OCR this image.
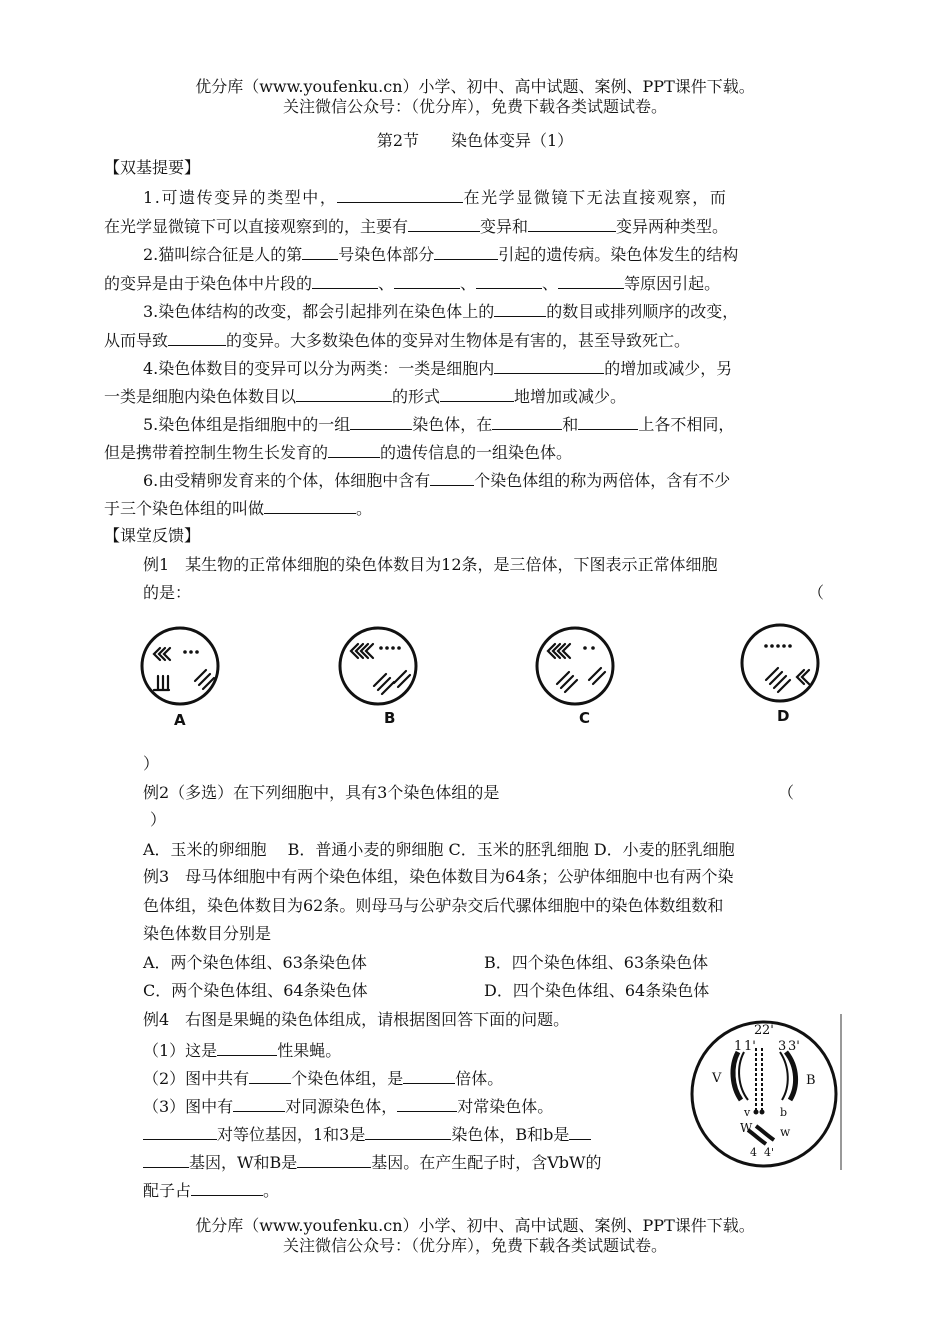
优分库（www.youfenku.cn）小学、初中、高中试题、案例、PPT课件下载。
关注微信公众号：（优分库），免费下载各类试题试卷。
第2节　　染色体变异（1）
【双基提要】
1.可遗传变异的类型中，	在光学显微镜下无法直接观察，而
在光学显微镜下可以直接观察到的，主要有	变异和	变异两种类型。
2.猫叫综合征是人的第 号染色体部分	引起的遗传病。染色体发生的结构
的变异是由于染色体中片段的	、	、	、	等原因引起。
3.染色体结构的改变，都会引起排列在染色体上的	的数目或排列顺序的改变，
从而导致	的变异。大多数染色体的变异对生物体是有害的，甚至导致死亡。
4.染色体数目的变异可以分为两类：一类是细胞内	的增加或减少，另
一类是细胞内染色体数目以	的形式	地增加或减少。
5.染色体组是指细胞中的一组	染色体，在	和	上各不相同，
但是携带着控制生物生长发育的	的遗传信息的一组染色体。
6.由受精卵发育来的个体，体细胞中含有	个染色体组的称为两倍体，含有不少
于三个染色体组的叫做	。
【课堂反馈】
例1　某生物的正常体细胞的染色体数目为12条，是三倍体，下图表示正常体细胞
的是：	（
A	B	C	D
）
例2（多选）在下列细胞中，具有3个染色体组的是	（
）
A．玉米的卵细胞　 B．普通小麦的卵细胞 C．玉米的胚乳细胞 D．小麦的胚乳细胞
例3　母马体细胞中有两个染色体组，染色体数目为64条；公驴体细胞中也有两个染
色体组，染色体数目为62条。则母马与公驴杂交后代骡体细胞中的染色体数组数和
染色体数目分别是
A．两个染色体组、63条染色体	B．四个染色体组、63条染色体
C．两个染色体组、64条染色体	D．四个染色体组、64条染色体
例4　右图是果蝇的染色体组成，请根据图回答下面的问题。
（1）这是	性果蝇。
（2）图中共有	个染色体组，是	倍体。
（3）图中有	对同源染色体，	对常染色体。
对等位基因，1和3是	染色体，B和b是
基因，W和B是	基因。在产生配子时，含VbW的
配子占	。
2 2'
1 1' 3 3'
V
v
B
b
W w
4 4'
优分库（www.youfenku.cn）小学、初中、高中试题、案例、PPT课件下载。
关注微信公众号：（优分库），免费下载各类试题试卷。
